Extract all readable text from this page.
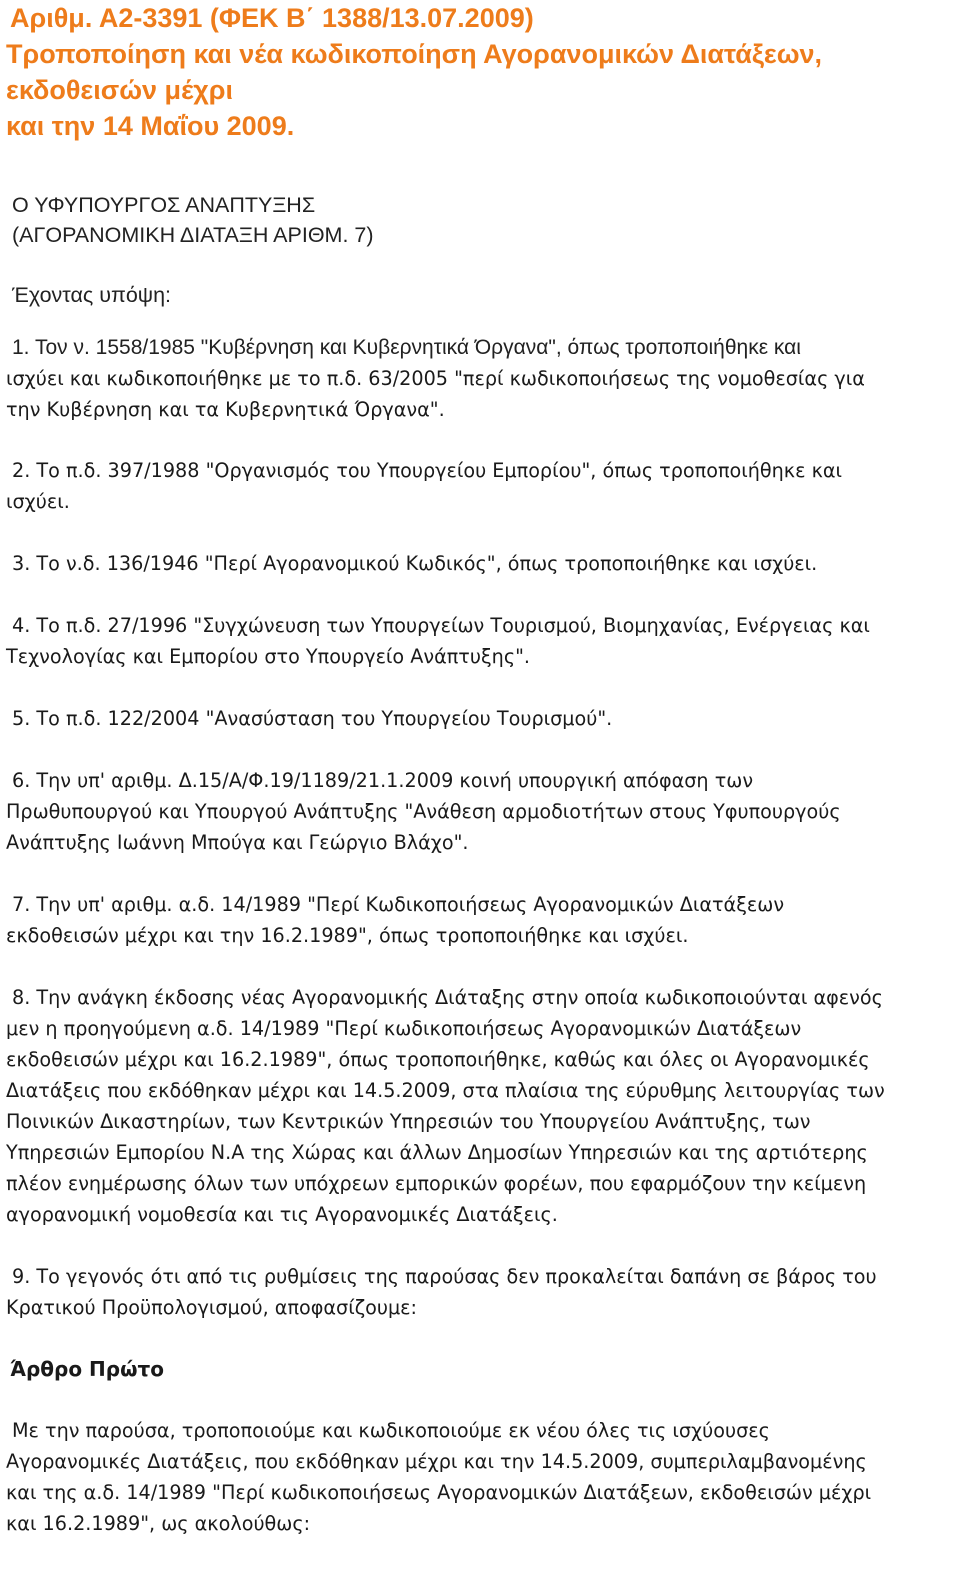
Αριθμ. Α2-3391 (ΦΕΚ Β΄ 1388/13.07.2009)
Τροποποίηση και νέα κωδικοποίηση Αγορανομικών Διατάξεων,
εκδοθεισών μέχρι
και την 14 Μαΐου 2009.
Ο ΥΦΥΠΟΥΡΓΟΣ ΑΝΑΠΤΥΞΗΣ
(ΑΓΟΡΑΝΟΜΙΚΗ ΔΙΑΤΑΞΗ ΑΡΙΘΜ. 7)
Έχοντας υπόψη:
1. Τον ν. 1558/1985 "Κυβέρνηση και Κυβερνητικά Όργανα", όπως τροποποιήθηκε και
ισχύει και κωδικοποιήθηκε με το π.δ. 63/2005 "περί κωδικοποιήσεως της νομοθεσίας για
την Κυβέρνηση και τα Κυβερνητικά Όργανα".
2. Το π.δ. 397/1988 "Οργανισμός του Υπουργείου Εμπορίου", όπως τροποποιήθηκε και
ισχύει.
3. Το ν.δ. 136/1946 "Περί Αγορανομικού Κωδικός", όπως τροποποιήθηκε και ισχύει.
4. Το π.δ. 27/1996 "Συγχώνευση των Υπουργείων Τουρισμού, Βιομηχανίας, Ενέργειας και
Τεχνολογίας και Εμπορίου στο Υπουργείο Ανάπτυξης".
5. Το π.δ. 122/2004 "Ανασύσταση του Υπουργείου Τουρισμού".
6. Την υπ' αριθμ. Δ.15/Α/Φ.19/1189/21.1.2009 κοινή υπουργική απόφαση των
Πρωθυπουργού και Υπουργού Ανάπτυξης "Ανάθεση αρμοδιοτήτων στους Υφυπουργούς
Ανάπτυξης Ιωάννη Μπούγα και Γεώργιο Βλάχο".
7. Την υπ' αριθμ. α.δ. 14/1989 "Περί Κωδικοποιήσεως Αγορανομικών Διατάξεων
εκδοθεισών μέχρι και την 16.2.1989", όπως τροποποιήθηκε και ισχύει.
8. Την ανάγκη έκδοσης νέας Αγορανομικής Διάταξης στην οποία κωδικοποιούνται αφενός
μεν η προηγούμενη α.δ. 14/1989 "Περί κωδικοποιήσεως Αγορανομικών Διατάξεων
εκδοθεισών μέχρι και 16.2.1989", όπως τροποποιήθηκε, καθώς και όλες οι Αγορανομικές
Διατάξεις που εκδόθηκαν μέχρι και 14.5.2009, στα πλαίσια της εύρυθμης λειτουργίας των
Ποινικών Δικαστηρίων, των Κεντρικών Υπηρεσιών του Υπουργείου Ανάπτυξης, των
Υπηρεσιών Εμπορίου Ν.Α της Χώρας και άλλων Δημοσίων Υπηρεσιών και της αρτιότερης
πλέον ενημέρωσης όλων των υπόχρεων εμπορικών φορέων, που εφαρμόζουν την κείμενη
αγορανομική νομοθεσία και τις Αγορανομικές Διατάξεις.
9. Το γεγονός ότι από τις ρυθμίσεις της παρούσας δεν προκαλείται δαπάνη σε βάρος του
Κρατικού Προϋπολογισμού, αποφασίζουμε:
Άρθρο Πρώτο
Με την παρούσα, τροποποιούμε και κωδικοποιούμε εκ νέου όλες τις ισχύουσες
Αγορανομικές Διατάξεις, που εκδόθηκαν μέχρι και την 14.5.2009, συμπεριλαμβανομένης
και της α.δ. 14/1989 "Περί κωδικοποιήσεως Αγορανομικών Διατάξεων, εκδοθεισών μέχρι
και 16.2.1989", ως ακολούθως:
